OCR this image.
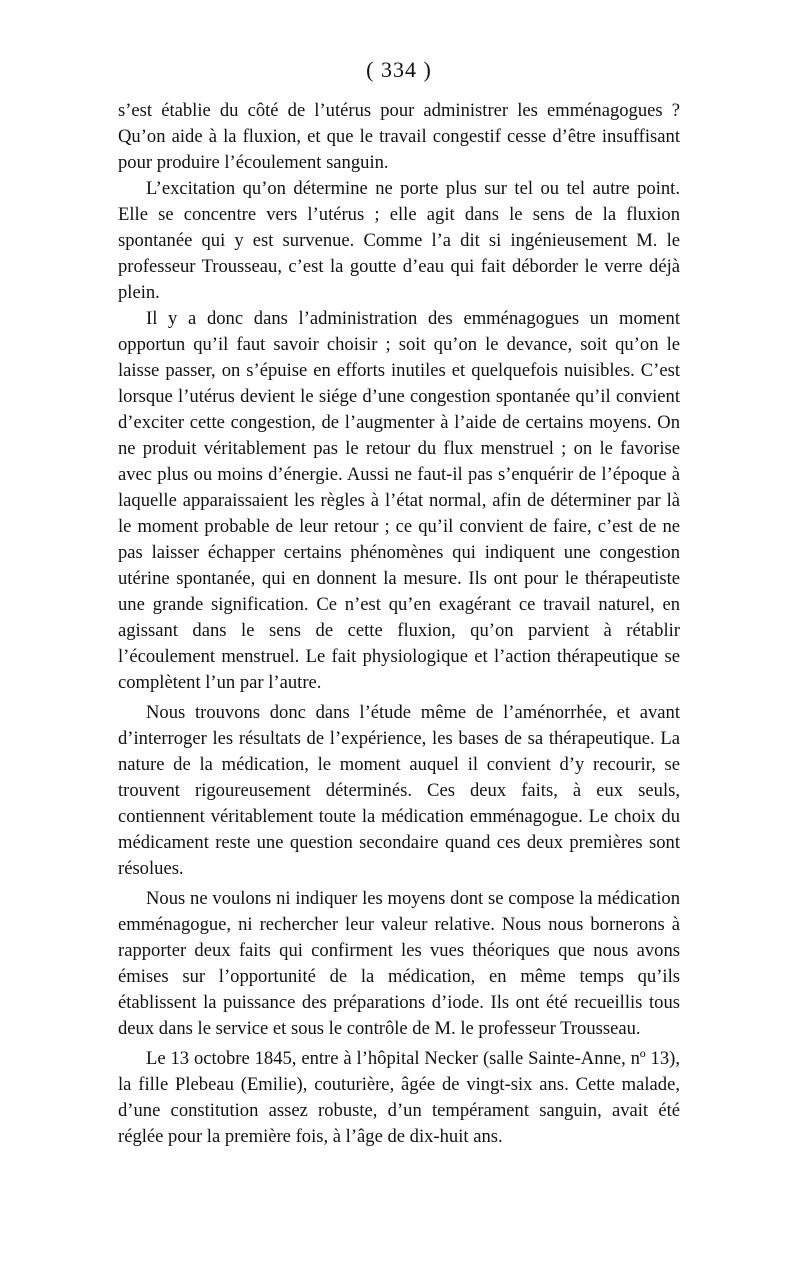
( 334 )

s’est établie du côté de l’utérus pour administrer les emménagogues ? Qu’on aide à la fluxion, et que le travail congestif cesse d’être insuffisant pour produire l’écoulement sanguin.

L’excitation qu’on détermine ne porte plus sur tel ou tel autre point. Elle se concentre vers l’utérus ; elle agit dans le sens de la fluxion spontanée qui y est survenue. Comme l’a dit si ingénieusement M. le professeur Trousseau, c’est la goutte d’eau qui fait déborder le verre déjà plein.

Il y a donc dans l’administration des emménagogues un moment opportun qu’il faut savoir choisir ; soit qu’on le devance, soit qu’on le laisse passer, on s’épuise en efforts inutiles et quelquefois nuisibles. C’est lorsque l’utérus devient le siége d’une congestion spontanée qu’il convient d’exciter cette congestion, de l’augmenter à l’aide de certains moyens. On ne produit véritablement pas le retour du flux menstruel ; on le favorise avec plus ou moins d’énergie. Aussi ne faut-il pas s’enquérir de l’époque à laquelle apparaissaient les règles à l’état normal, afin de déterminer par là le moment probable de leur retour ; ce qu’il convient de faire, c’est de ne pas laisser échapper certains phénomènes qui indiquent une congestion utérine spontanée, qui en donnent la mesure. Ils ont pour le thérapeutiste une grande signification. Ce n’est qu’en exagérant ce travail naturel, en agissant dans le sens de cette fluxion, qu’on parvient à rétablir l’écoulement menstruel. Le fait physiologique et l’action thérapeutique se complètent l’un par l’autre.

Nous trouvons donc dans l’étude même de l’aménorrhée, et avant d’interroger les résultats de l’expérience, les bases de sa thérapeutique. La nature de la médication, le moment auquel il convient d’y recourir, se trouvent rigoureusement déterminés. Ces deux faits, à eux seuls, contiennent véritablement toute la médication emménagogue. Le choix du médicament reste une question secondaire quand ces deux premières sont résolues.

Nous ne voulons ni indiquer les moyens dont se compose la médication emménagogue, ni rechercher leur valeur relative. Nous nous bornerons à rapporter deux faits qui confirment les vues théoriques que nous avons émises sur l’opportunité de la médication, en même temps qu’ils établissent la puissance des préparations d’iode. Ils ont été recueillis tous deux dans le service et sous le contrôle de M. le professeur Trousseau.

Le 13 octobre 1845, entre à l’hôpital Necker (salle Sainte-Anne, nº 13), la fille Plebeau (Emilie), couturière, âgée de vingt-six ans. Cette malade, d’une constitution assez robuste, d’un tempérament sanguin, avait été réglée pour la première fois, à l’âge de dix-huit ans.
